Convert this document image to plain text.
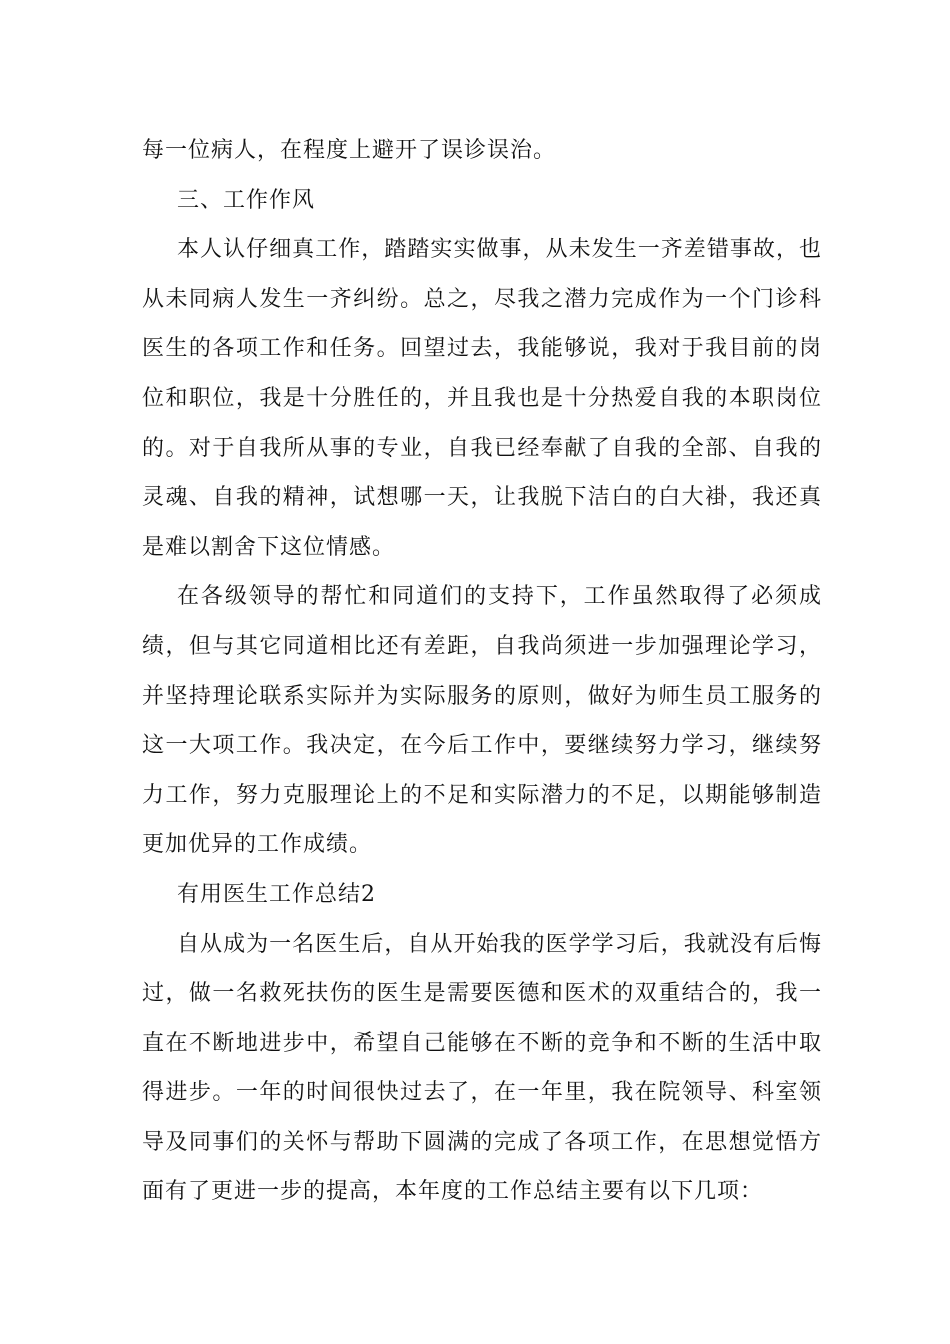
每一位病人，在程度上避开了误诊误治。

三、工作作风

本人认仔细真工作，踏踏实实做事，从未发生一齐差错事故，也从未同病人发生一齐纠纷。总之，尽我之潜力完成作为一个门诊科医生的各项工作和任务。回望过去，我能够说，我对于我目前的岗位和职位，我是十分胜任的，并且我也是十分热爱自我的本职岗位的。对于自我所从事的专业，自我已经奉献了自我的全部、自我的灵魂、自我的精神，试想哪一天，让我脱下洁白的白大褂，我还真是难以割舍下这位情感。

在各级领导的帮忙和同道们的支持下，工作虽然取得了必须成绩，但与其它同道相比还有差距，自我尚须进一步加强理论学习，并坚持理论联系实际并为实际服务的原则，做好为师生员工服务的这一大项工作。我决定，在今后工作中，要继续努力学习，继续努力工作，努力克服理论上的不足和实际潜力的不足，以期能够制造更加优异的工作成绩。

有用医生工作总结2

自从成为一名医生后，自从开始我的医学学习后，我就没有后悔过，做一名救死扶伤的医生是需要医德和医术的双重结合的，我一直在不断地进步中，希望自己能够在不断的竞争和不断的生活中取得进步。一年的时间很快过去了，在一年里，我在院领导、科室领导及同事们的关怀与帮助下圆满的完成了各项工作，在思想觉悟方面有了更进一步的提高，本年度的工作总结主要有以下几项：
